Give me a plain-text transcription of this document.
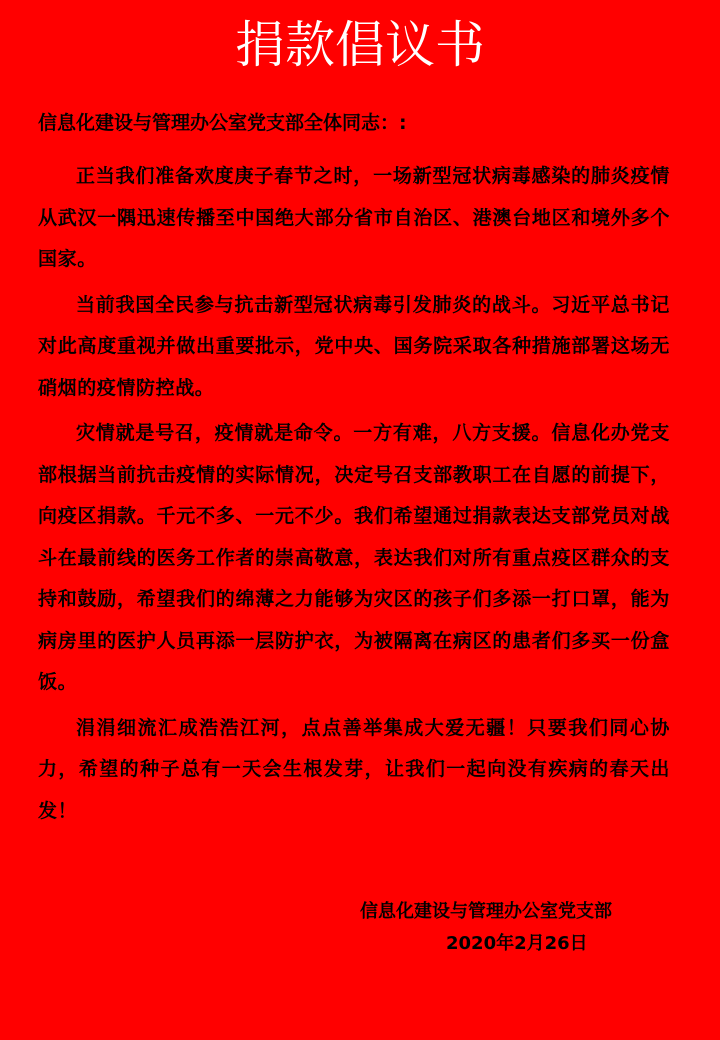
捐款倡议书
信息化建设与管理办公室党支部全体同志：:

正当我们准备欢度庚子春节之时，一场新型冠状病毒感染的肺炎疫情从武汉一隅迅速传播至中国绝大部分省市自治区、港澳台地区和境外多个国家。

当前我国全民参与抗击新型冠状病毒引发肺炎的战斗。习近平总书记对此高度重视并做出重要批示，党中央、国务院采取各种措施部署这场无硝烟的疫情防控战。

灾情就是号召，疫情就是命令。一方有难，八方支援。信息化办党支部根据当前抗击疫情的实际情况，决定号召支部教职工在自愿的前提下，向疫区捐款。千元不多、一元不少。我们希望通过捐款表达支部党员对战斗在最前线的医务工作者的崇高敬意，表达我们对所有重点疫区群众的支持和鼓励，希望我们的绵薄之力能够为灾区的孩子们多添一打口罩，能为病房里的医护人员再添一层防护衣，为被隔离在病区的患者们多买一份盒饭。

涓涓细流汇成浩浩江河，点点善举集成大爱无疆！只要我们同心协力，希望的种子总有一天会生根发芽，让我们一起向没有疾病的春天出发！

信息化建设与管理办公室党支部
2020年2月26日
